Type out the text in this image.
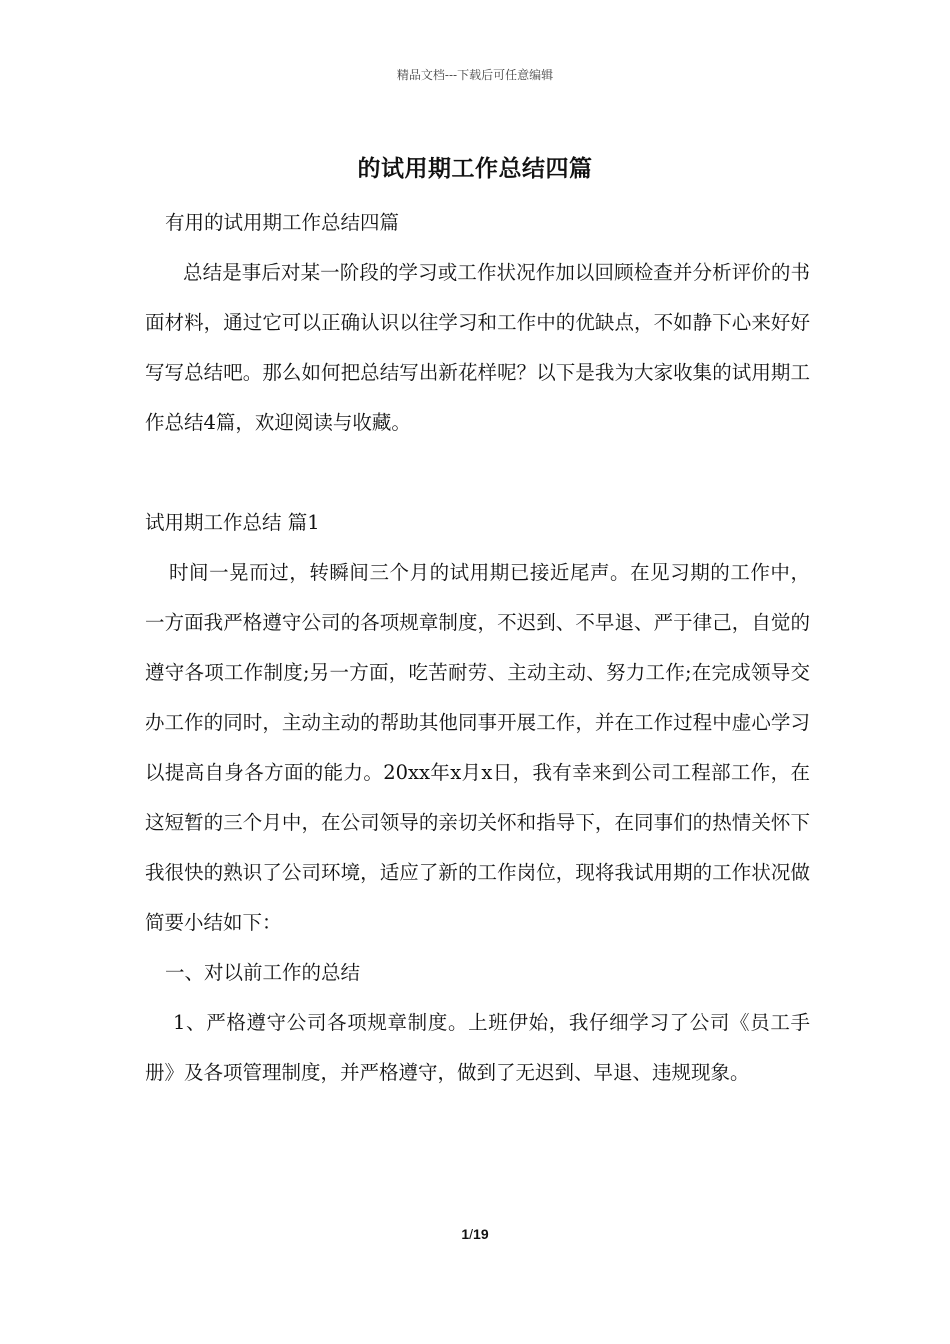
精品文档---下载后可任意编辑
的试用期工作总结四篇

有用的试用期工作总结四篇

总结是事后对某一阶段的学习或工作状况作加以回顾检查并分析评价的书面材料，通过它可以正确认识以往学习和工作中的优缺点，不如静下心来好好写写总结吧。那么如何把总结写出新花样呢？以下是我为大家收集的试用期工作总结4篇，欢迎阅读与收藏。

试用期工作总结 篇1

时间一晃而过，转瞬间三个月的试用期已接近尾声。在见习期的工作中，一方面我严格遵守公司的各项规章制度，不迟到、不早退、严于律己，自觉的遵守各项工作制度;另一方面，吃苦耐劳、主动主动、努力工作;在完成领导交办工作的同时，主动主动的帮助其他同事开展工作，并在工作过程中虚心学习以提高自身各方面的能力。20xx年x月x日，我有幸来到公司工程部工作，在这短暂的三个月中，在公司领导的亲切关怀和指导下，在同事们的热情关怀下我很快的熟识了公司环境，适应了新的工作岗位，现将我试用期的工作状况做简要小结如下：

一、对以前工作的总结

1、严格遵守公司各项规章制度。上班伊始，我仔细学习了公司《员工手册》及各项管理制度，并严格遵守，做到了无迟到、早退、违规现象。

1/19
